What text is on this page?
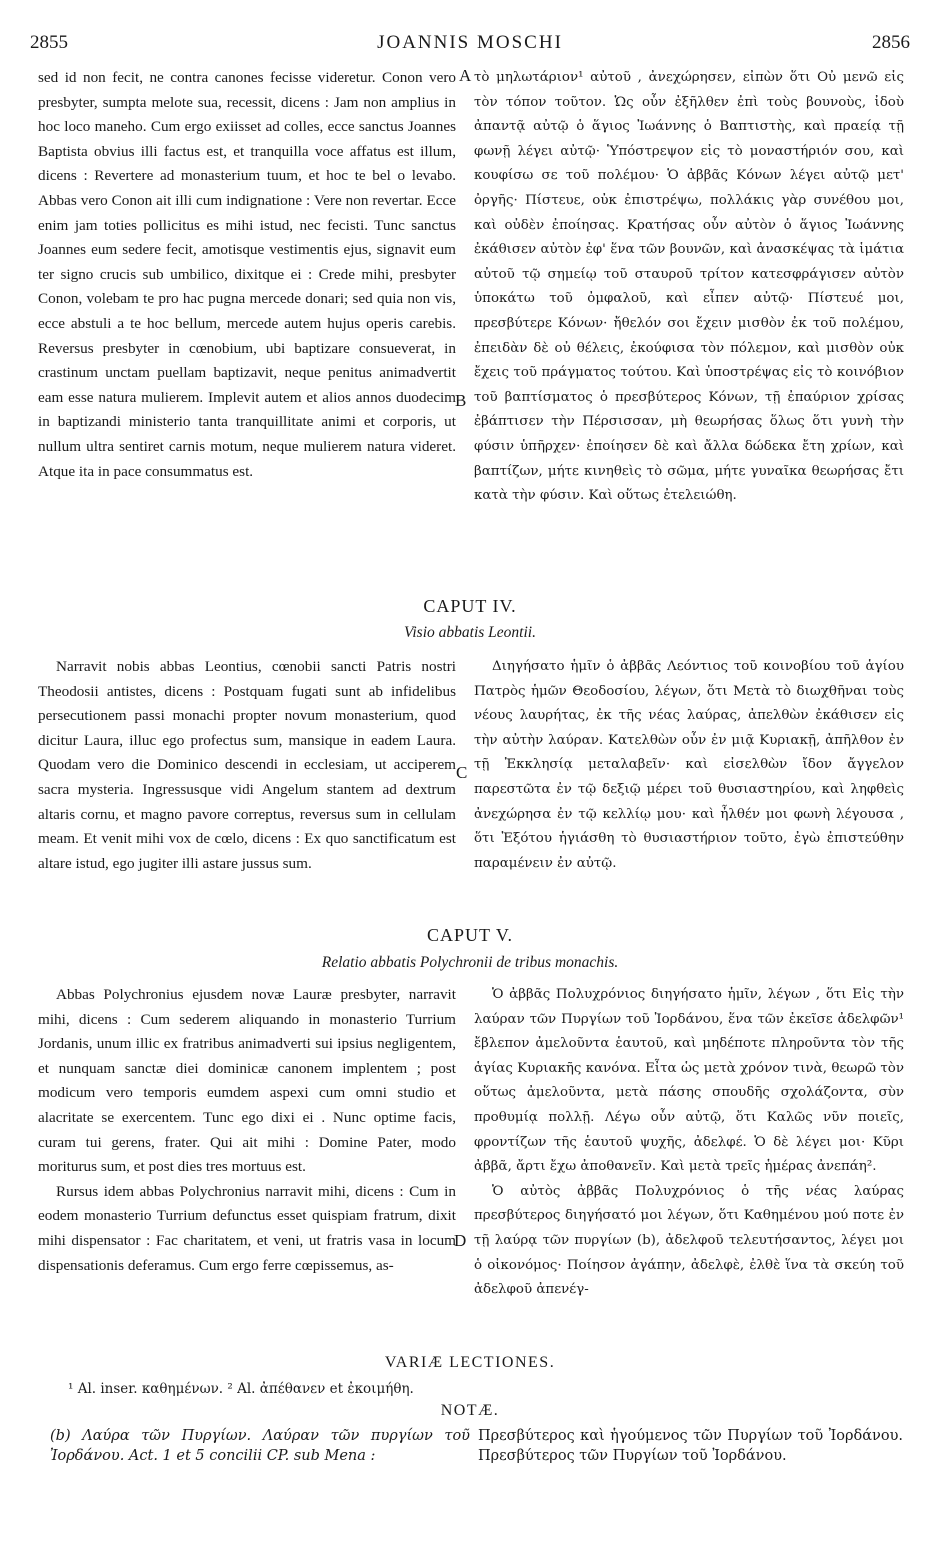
2855	JOANNIS MOSCHI	2856

sed id non fecit, ne contra canones fecisse videretur. Conon vero presbyter, sumpta melote sua, recessit, dicens : Jam non amplius in hoc loco maneho. Cum ergo exiisset ad colles, ecce sanctus Joannes Baptista obvius illi factus est, et tranquilla voce affatus est illum, dicens : Revertere ad monasterium tuum, et hoc te bel o levabo. Abbas vero Conon ait illi cum indignatione : Vere non revertar. Ecce enim jam toties pollicitus es mihi istud, nec fecisti. Tunc sanctus Joannes eum sedere fecit, amotisque vestimentis ejus, signavit eum ter signo crucis sub umbilico, dixitque ei : Crede mihi, presbyter Conon, volebam te pro hac pugna mercede donari; sed quia non vis, ecce abstuli a te hoc bellum, mercede autem hujus operis carebis. Reversus presbyter in cœnobium, ubi baptizare consueverat, in crastinum unctam puellam baptizavit, neque penitus animadvertit eam esse natura mulierem. Implevit autem et alios annos duodecim in baptizandi ministerio tanta tranquillitate animi et corporis, ut nullum ultra sentiret carnis motum, neque mulierem natura videret. Atque ita in pace consummatus est.

A
B

τὸ μηλωτάριον¹ αὐτοῦ , ἀνεχώρησεν, εἰπὼν ὅτι Οὐ μενῶ εἰς τὸν τόπον τοῦτον. Ὡς οὖν ἐξῆλθεν ἐπὶ τοὺς βουνοὺς, ἰδοὺ ἀπαντᾷ αὐτῷ ὁ ἅγιος Ἰωάννης ὁ Βαπτιστὴς, καὶ πραείᾳ τῇ φωνῇ λέγει αὐτῷ· Ὑπόστρεψον εἰς τὸ μοναστήριόν σου, καὶ κουφίσω σε τοῦ πολέμου· Ὁ ἀββᾶς Κόνων λέγει αὐτῷ μετ' ὀργῆς· Πίστευε, οὐκ ἐπιστρέψω, πολλάκις γὰρ συνέθου μοι, καὶ οὐδὲν ἐποίησας. Κρατήσας οὖν αὐτὸν ὁ ἅγιος Ἰωάννης ἐκάθισεν αὐτὸν ἐφ' ἕνα τῶν βουνῶν, καὶ ἀνασκέψας τὰ ἱμάτια αὐτοῦ τῷ σημείῳ τοῦ σταυροῦ τρίτον κατεσφράγισεν αὐτὸν ὑποκάτω τοῦ ὀμφαλοῦ, καὶ εἶπεν αὐτῷ· Πίστευέ μοι, πρεσβύτερε Κόνων· ἤθελόν σοι ἔχειν μισθὸν ἐκ τοῦ πολέμου, ἐπειδὰν δὲ οὐ θέλεις, ἐκούφισα τὸν πόλεμον, καὶ μισθὸν οὐκ ἔχεις τοῦ πράγματος τούτου. Καὶ ὑποστρέψας εἰς τὸ κοινόβιον τοῦ βαπτίσματος ὁ πρεσβύτερος Κόνων, τῇ ἐπαύριον χρίσας ἐβάπτισεν τὴν Πέρσισσαν, μὴ θεωρήσας ὅλως ὅτι γυνὴ τὴν φύσιν ὑπῆρχεν· ἐποίησεν δὲ καὶ ἄλλα δώδεκα ἔτη χρίων, καὶ βαπτίζων, μήτε κινηθεὶς τὸ σῶμα, μήτε γυναῖκα θεωρήσας ἔτι κατὰ τὴν φύσιν. Καὶ οὕτως ἐτελειώθη.

CAPUT IV.
Visio abbatis Leontii.

Narravit nobis abbas Leontius, cœnobii sancti Patris nostri Theodosii antistes, dicens : Postquam fugati sunt ab infidelibus persecutionem passi monachi propter novum monasterium, quod dicitur Laura, illuc ego profectus sum, mansique in eadem Laura. Quodam vero die Dominico descendi in ecclesiam, ut acciperem sacra mysteria. Ingressusque vidi Angelum stantem ad dextrum altaris cornu, et magno pavore correptus, reversus sum in cellulam meam. Et venit mihi vox de cœlo, dicens : Ex quo sanctificatum est altare istud, ego jugiter illi astare jussus sum.

C

Διηγήσατο ἡμῖν ὁ ἀββᾶς Λεόντιος τοῦ κοινοβίου τοῦ ἁγίου Πατρὸς ἡμῶν Θεοδοσίου, λέγων, ὅτι Μετὰ τὸ διωχθῆναι τοὺς νέους λαυρήτας, ἐκ τῆς νέας λαύρας, ἀπελθὼν ἐκάθισεν εἰς τὴν αὐτὴν λαύραν. Κατελθὼν οὖν ἐν μιᾷ Κυριακῇ, ἀπῆλθον ἐν τῇ Ἐκκλησίᾳ μεταλαβεῖν· καὶ εἰσελθὼν ἴδον ἄγγελον παρεστῶτα ἐν τῷ δεξιῷ μέρει τοῦ θυσιαστηρίου, καὶ ληφθεὶς ἀνεχώρησα ἐν τῷ κελλίῳ μου· καὶ ἦλθέν μοι φωνὴ λέγουσα , ὅτι Ἐξότου ἡγιάσθη τὸ θυσιαστήριον τοῦτο, ἐγὼ ἐπιστεύθην παραμένειν ἐν αὐτῷ.

CAPUT V.
Relatio abbatis Polychronii de tribus monachis.

Abbas Polychronius ejusdem novæ Lauræ presbyter, narravit mihi, dicens : Cum sederem aliquando in monasterio Turrium Jordanis, unum illic ex fratribus animadverti sui ipsius negligentem, et nunquam sanctæ diei dominicæ canonem implentem ; post modicum vero temporis eumdem aspexi cum omni studio et alacritate se exercentem. Tunc ego dixi ei . Nunc optime facis, curam tui gerens, frater. Qui ait mihi : Domine Pater, modo moriturus sum, et post dies tres mortuus est.

Rursus idem abbas Polychronius narravit mihi, dicens : Cum in eodem monasterio Turrium defunctus esset quispiam fratrum, dixit mihi dispensator : Fac charitatem, et veni, ut fratris vasa in locum dispensationis deferamus. Cum ergo ferre cœpissemus, as-

D

Ὁ ἀββᾶς Πολυχρόνιος διηγήσατο ἡμῖν, λέγων , ὅτι Εἰς τὴν λαύραν τῶν Πυργίων τοῦ Ἰορδάνου, ἕνα τῶν ἐκεῖσε ἀδελφῶν¹ ἔβλεπον ἀμελοῦντα ἑαυτοῦ, καὶ μηδέποτε πληροῦντα τὸν τῆς ἁγίας Κυριακῆς κανόνα. Εἶτα ὡς μετὰ χρόνον τινὰ, θεωρῶ τὸν οὕτως ἀμελοῦντα, μετὰ πάσης σπουδῆς σχολάζοντα, σὺν προθυμίᾳ πολλῇ. Λέγω οὖν αὐτῷ, ὅτι Καλῶς νῦν ποιεῖς, φροντίζων τῆς ἑαυτοῦ ψυχῆς, ἀδελφέ. Ὁ δὲ λέγει μοι· Κῦρι ἀββᾶ, ἄρτι ἔχω ἀποθανεῖν. Καὶ μετὰ τρεῖς ἡμέρας ἀνεπάη².

Ὁ αὐτὸς ἀββᾶς Πολυχρόνιος ὁ τῆς νέας λαύρας πρεσβύτερος διηγήσατό μοι λέγων, ὅτι Καθημένου μού ποτε ἐν τῇ λαύρᾳ τῶν πυργίων (b), ἀδελφοῦ τελευτήσαντος, λέγει μοι ὁ οἰκονόμος· Ποίησον ἀγάπην, ἀδελφὲ, ἐλθὲ ἵνα τὰ σκεύη τοῦ ἀδελφοῦ ἀπενέγ-

VARIÆ LECTIONES.
¹ Al. inser. καθημένων. ² Al. ἀπέθανεν et ἐκοιμήθη.
NOTÆ.
(b) Λαύρα τῶν Πυργίων. Λαύραν τῶν πυργίων τοῦ Ἰορδάνου. Act. 1 et 5 concilii CP. sub Mena :
Πρεσβύτερος καὶ ἡγούμενος τῶν Πυργίων τοῦ Ἰορδάνου. Πρεσβύτερος τῶν Πυργίων τοῦ Ἰορδάνου.
